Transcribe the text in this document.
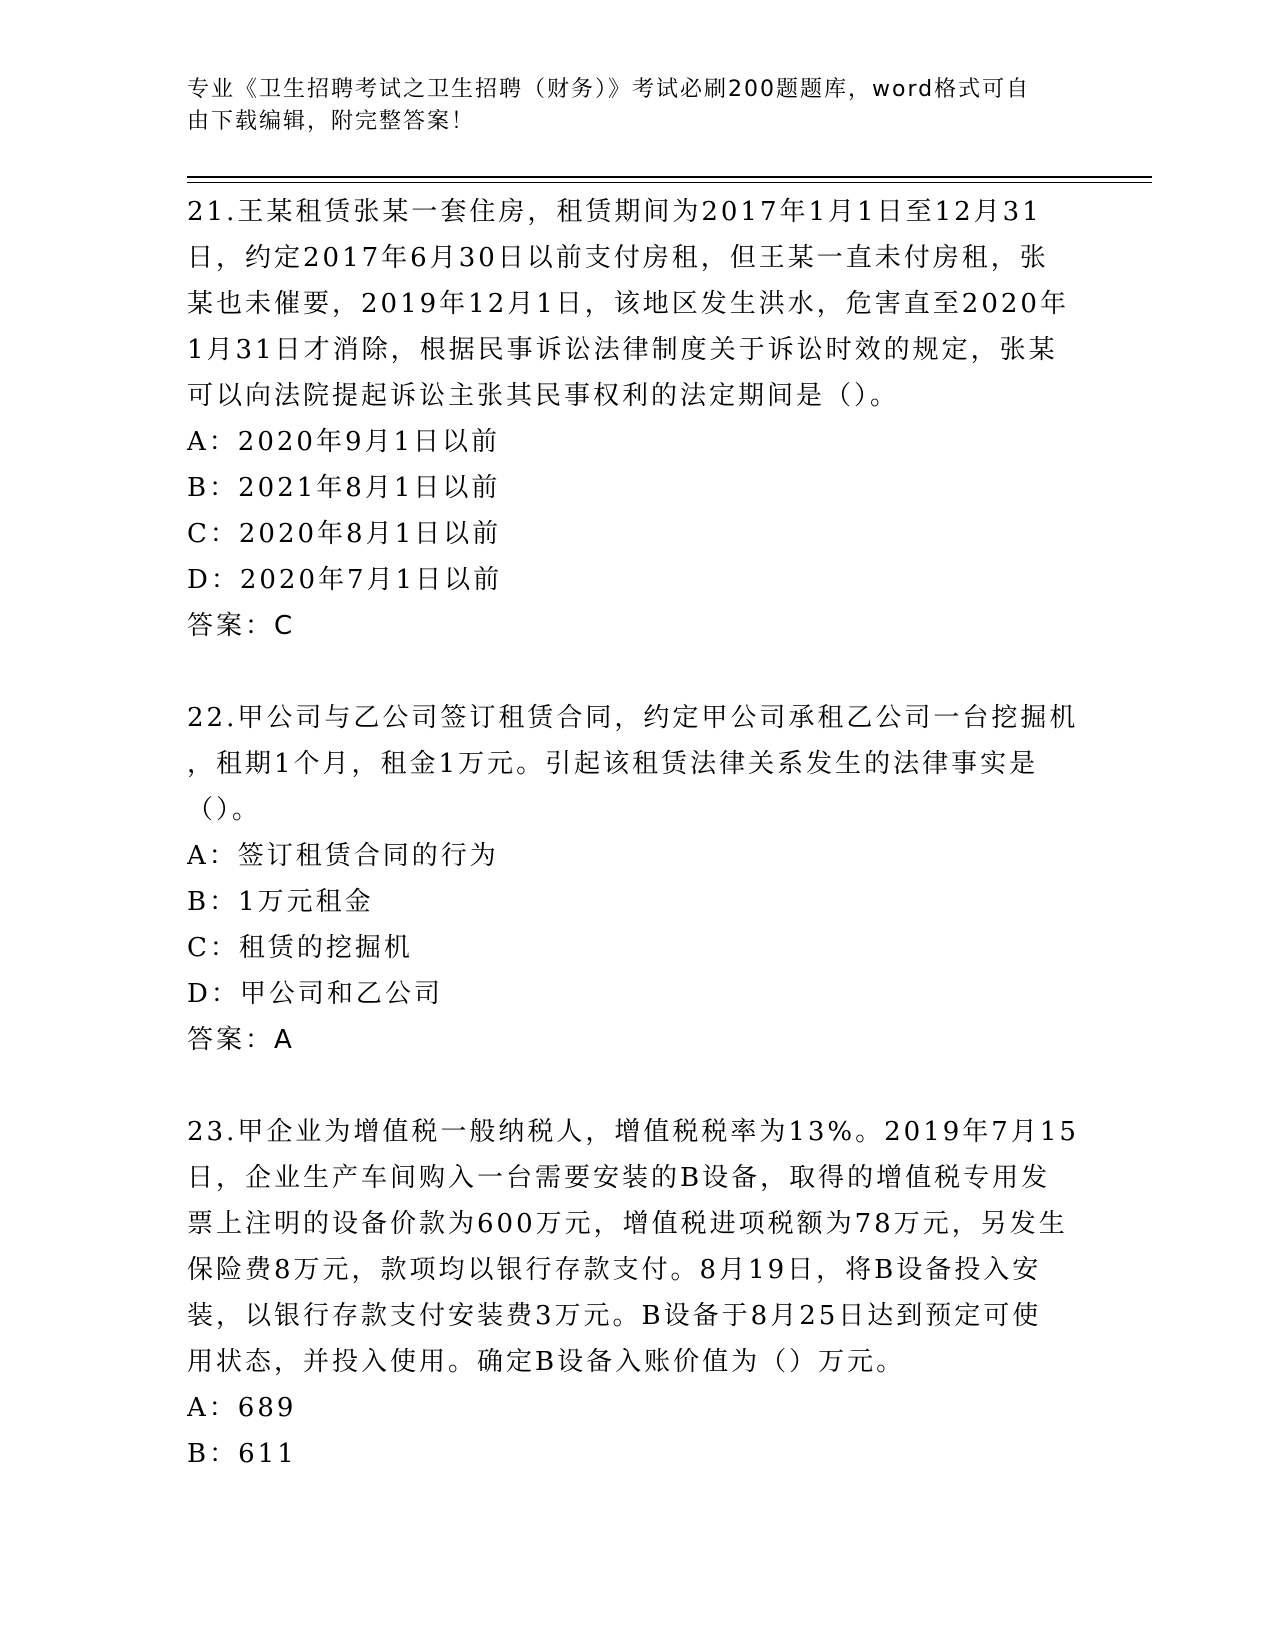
专业《卫生招聘考试之卫生招聘（财务）》考试必刷200题题库，word格式可自
由下载编辑，附完整答案！
21.王某租赁张某一套住房，租赁期间为2017年1月1日至12月31
日，约定2017年6月30日以前支付房租，但王某一直未付房租，张
某也未催要，2019年12月1日，该地区发生洪水，危害直至2020年
1月31日才消除，根据民事诉讼法律制度关于诉讼时效的规定，张某
可以向法院提起诉讼主张其民事权利的法定期间是（）。
A：2020年9月1日以前
B：2021年8月1日以前
C：2020年8月1日以前
D：2020年7月1日以前
答案：C
22.甲公司与乙公司签订租赁合同，约定甲公司承租乙公司一台挖掘机
，租期1个月，租金1万元。引起该租赁法律关系发生的法律事实是
（）。
A：签订租赁合同的行为
B：1万元租金
C：租赁的挖掘机
D：甲公司和乙公司
答案：A
23.甲企业为增值税一般纳税人，增值税税率为13%。2019年7月15
日，企业生产车间购入一台需要安装的B设备，取得的增值税专用发
票上注明的设备价款为600万元，增值税进项税额为78万元，另发生
保险费8万元，款项均以银行存款支付。8月19日，将B设备投入安
装，以银行存款支付安装费3万元。B设备于8月25日达到预定可使
用状态，并投入使用。确定B设备入账价值为（）万元。
A：689
B：611
